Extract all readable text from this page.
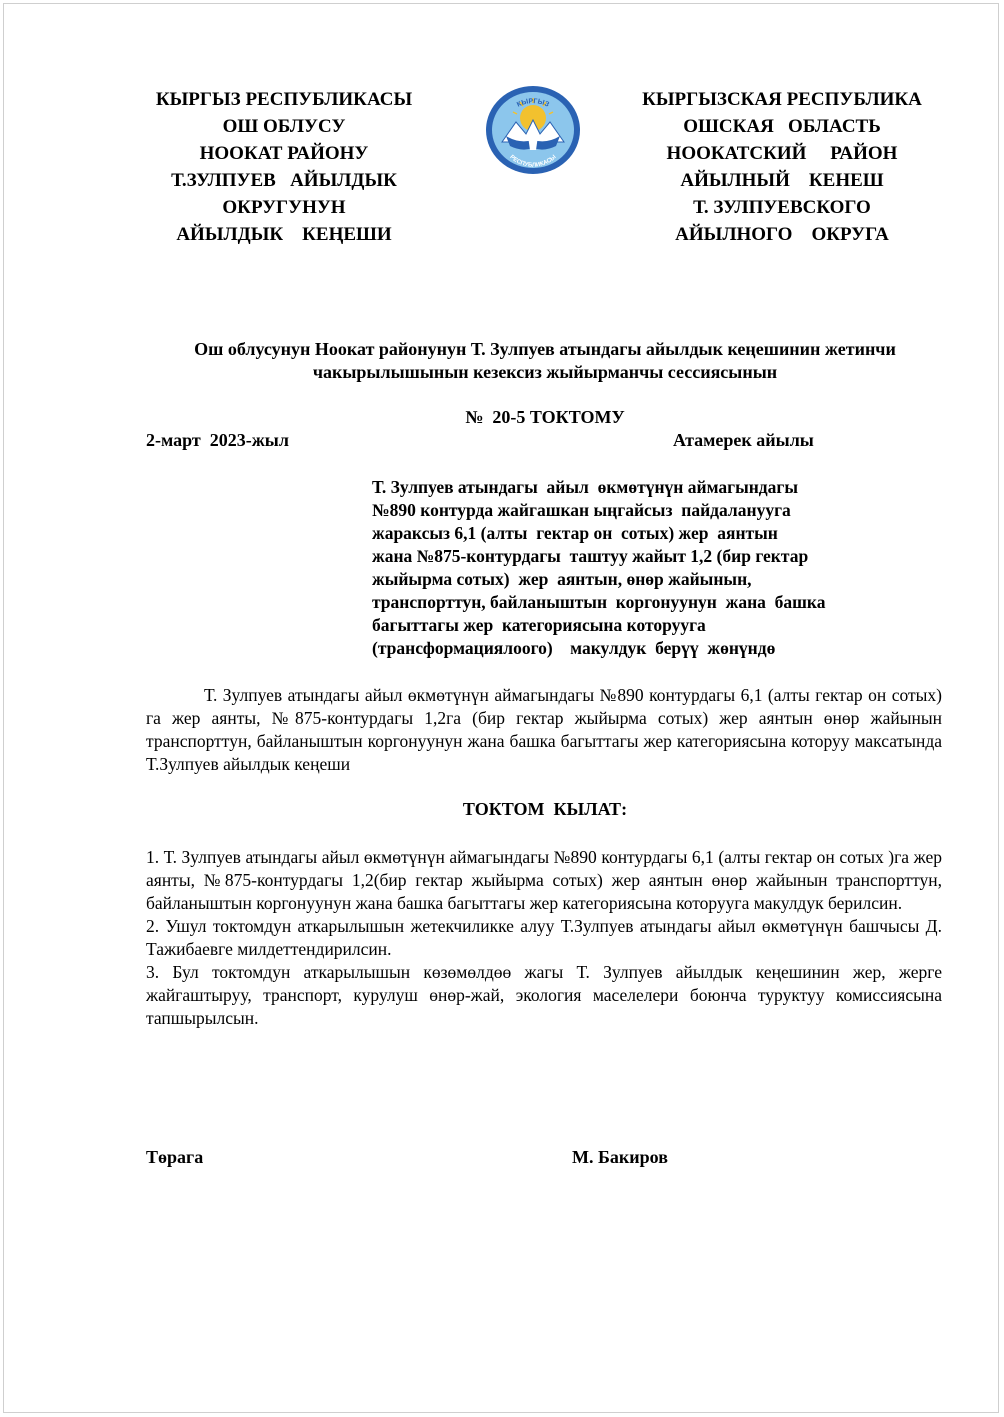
КЫРГЫЗ РЕСПУБЛИКАСЫ
ОШ ОБЛУСУ
НООКАТ РАЙОНУ
Т.ЗУЛПУЕВ   АЙЫЛДЫК
ОКРУГУНУН
АЙЫЛДЫК    КЕҢЕШИ
КЫРГЫЗ
РЕСПУБЛИКАСЫ
КЫРГЫЗСКАЯ РЕСПУБЛИКА
ОШСКАЯ   ОБЛАСТЬ
НООКАТСКИЙ     РАЙОН
АЙЫЛНЫЙ    КЕНЕШ
Т. ЗУЛПУЕВСКОГО
АЙЫЛНОГО    ОКРУГА
Ош облусунун Ноокат районунун Т. Зулпуев атындагы айылдык кеңешинин жетинчи чакырылышынын кезексиз жыйырманчы сессиясынын
№  20-5 ТОКТОМУ
2-март  2023-жыл	Атамерек айылы
Т. Зулпуев атындагы  айыл  өкмөтүнүн аймагындагы
№890 контурда жайгашкан ыңгайсыз  пайдаланууга
жараксыз 6,1 (алты  гектар он  сотых) жер  аянтын
жана №875-контурдагы  таштуу жайыт 1,2 (бир гектар
жыйырма сотых)  жер  аянтын, өнөр жайынын,
транспорттун, байланыштын  коргонуунун  жана  башка
багыттагы жер  категориясына которууга
(трансформациялоого)    макулдук  берүү  жөнүндө
Т. Зулпуев атындагы айыл өкмөтүнүн аймагындагы №890 контурдагы 6,1 (алты гектар он сотых) га жер аянты, №875-контурдагы 1,2га (бир гектар жыйырма сотых) жер аянтын өнөр жайынын транспорттун, байланыштын коргонуунун жана башка багыттагы жер категориясына которуу максатында Т.Зулпуев айылдык кеңеши
ТОКТОМ  КЫЛАТ:

1. Т. Зулпуев атындагы айыл өкмөтүнүн аймагындагы №890 контурдагы 6,1 (алты гектар он сотых )га жер аянты, №875-контурдагы 1,2(бир гектар жыйырма сотых) жер аянтын өнөр жайынын транспорттун, байланыштын коргонуунун жана башка багыттагы жер категориясына которууга макулдук берилсин.

2. Ушул токтомдун аткарылышын жетекчиликке алуу Т.Зулпуев атындагы айыл өкмөтүнүн башчысы Д. Тажибаевге милдеттендирилсин.

3. Бул токтомдун аткарылышын көзөмөлдөө жагы Т. Зулпуев айылдык кеңешинин жер, жерге жайгаштыруу, транспорт, курулуш өнөр-жай, экология маселелери боюнча туруктуу комиссиясына тапшырылсын.

Төрага	М. Бакиров
